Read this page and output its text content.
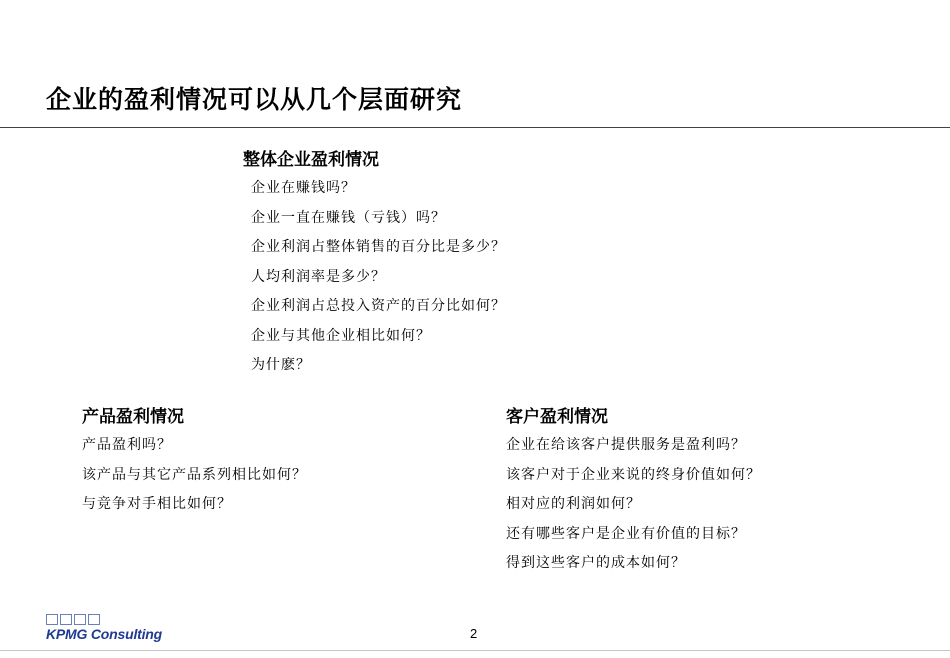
企业的盈利情况可以从几个层面研究
整体企业盈利情况
企业在赚钱吗？
企业一直在赚钱（亏钱）吗？
企业利润占整体销售的百分比是多少？
人均利润率是多少？
企业利润占总投入资产的百分比如何？
企业与其他企业相比如何？
为什麽？
产品盈利情况
产品盈利吗？
该产品与其它产品系列相比如何？
与竞争对手相比如何？
客户盈利情况
企业在给该客户提供服务是盈利吗？
该客户对于企业来说的终身价值如何？
相对应的利润如何？
还有哪些客户是企业有价值的目标？
得到这些客户的成本如何？
KPMG Consulting	2
